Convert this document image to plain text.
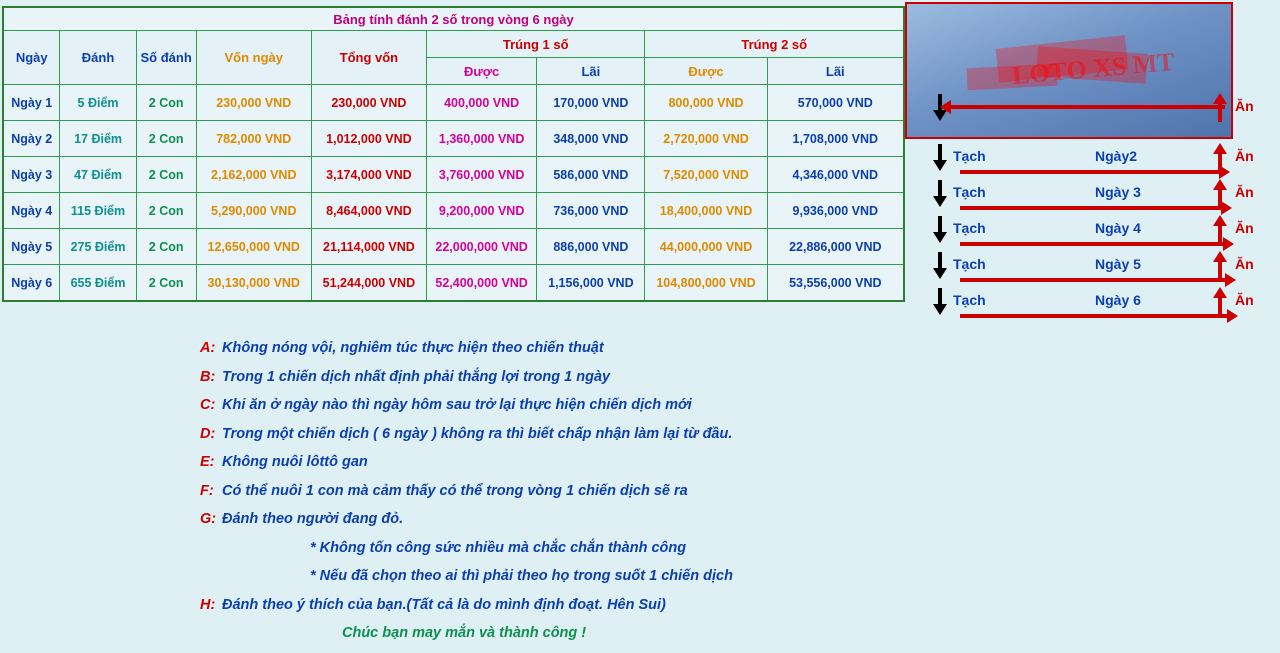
Bảng tính đánh 2 số trong vòng 6 ngày								
Ngày	Đánh	Số đánh	Vốn ngày	Tổng vốn	Trúng 1 số		Trúng 2 số	
					Được	Lãi	Được	Lãi
Ngày 1	5 Điểm	2 Con	230,000 VND	230,000 VND	400,000 VND	170,000 VND	800,000 VND	570,000 VND
Ngày 2	17 Điểm	2 Con	782,000 VND	1,012,000 VND	1,360,000 VND	348,000 VND	2,720,000 VND	1,708,000 VND
Ngày 3	47 Điểm	2 Con	2,162,000 VND	3,174,000 VND	3,760,000 VND	586,000 VND	7,520,000 VND	4,346,000 VND
Ngày 4	115 Điểm	2 Con	5,290,000 VND	8,464,000 VND	9,200,000 VND	736,000 VND	18,400,000 VND	9,936,000 VND
Ngày 5	275 Điểm	2 Con	12,650,000 VND	21,114,000 VND	22,000,000 VND	886,000 VND	44,000,000 VND	22,886,000 VND
Ngày 6	655 Điểm	2 Con	30,130,000 VND	51,244,000 VND	52,400,000 VND	1,156,000 VND	104,800,000 VND	53,556,000 VND
LOTO XS MT
Ăn
Tạch	Ngày2	Ăn
Tạch	Ngày 3	Ăn
Tạch	Ngày 4	Ăn
Tạch	Ngày 5	Ăn
Tạch	Ngày 6	Ăn
A: Không nóng vội, nghiêm túc thực hiện theo chiến thuật
B: Trong 1 chiến dịch nhất định phải thắng lợi trong 1 ngày
C: Khi ăn ở ngày nào thì ngày hôm sau trở lại thực hiện chiến dịch mới
D: Trong một chiến dịch ( 6 ngày ) không ra thì biết chấp nhận làm lại từ đầu.
E: Không nuôi lôttô gan
F: Có thể nuôi 1 con mà cảm thấy có thể trong vòng 1 chiến dịch sẽ ra
G: Đánh theo người đang đỏ.
* Không tốn công sức nhiều mà chắc chắn thành công
* Nếu đã chọn theo ai thì phải theo họ trong suốt 1 chiến dịch
H: Đánh theo ý thích của bạn.(Tất cả là do mình định đoạt. Hên Sui)
Chúc bạn may mắn và thành công !
